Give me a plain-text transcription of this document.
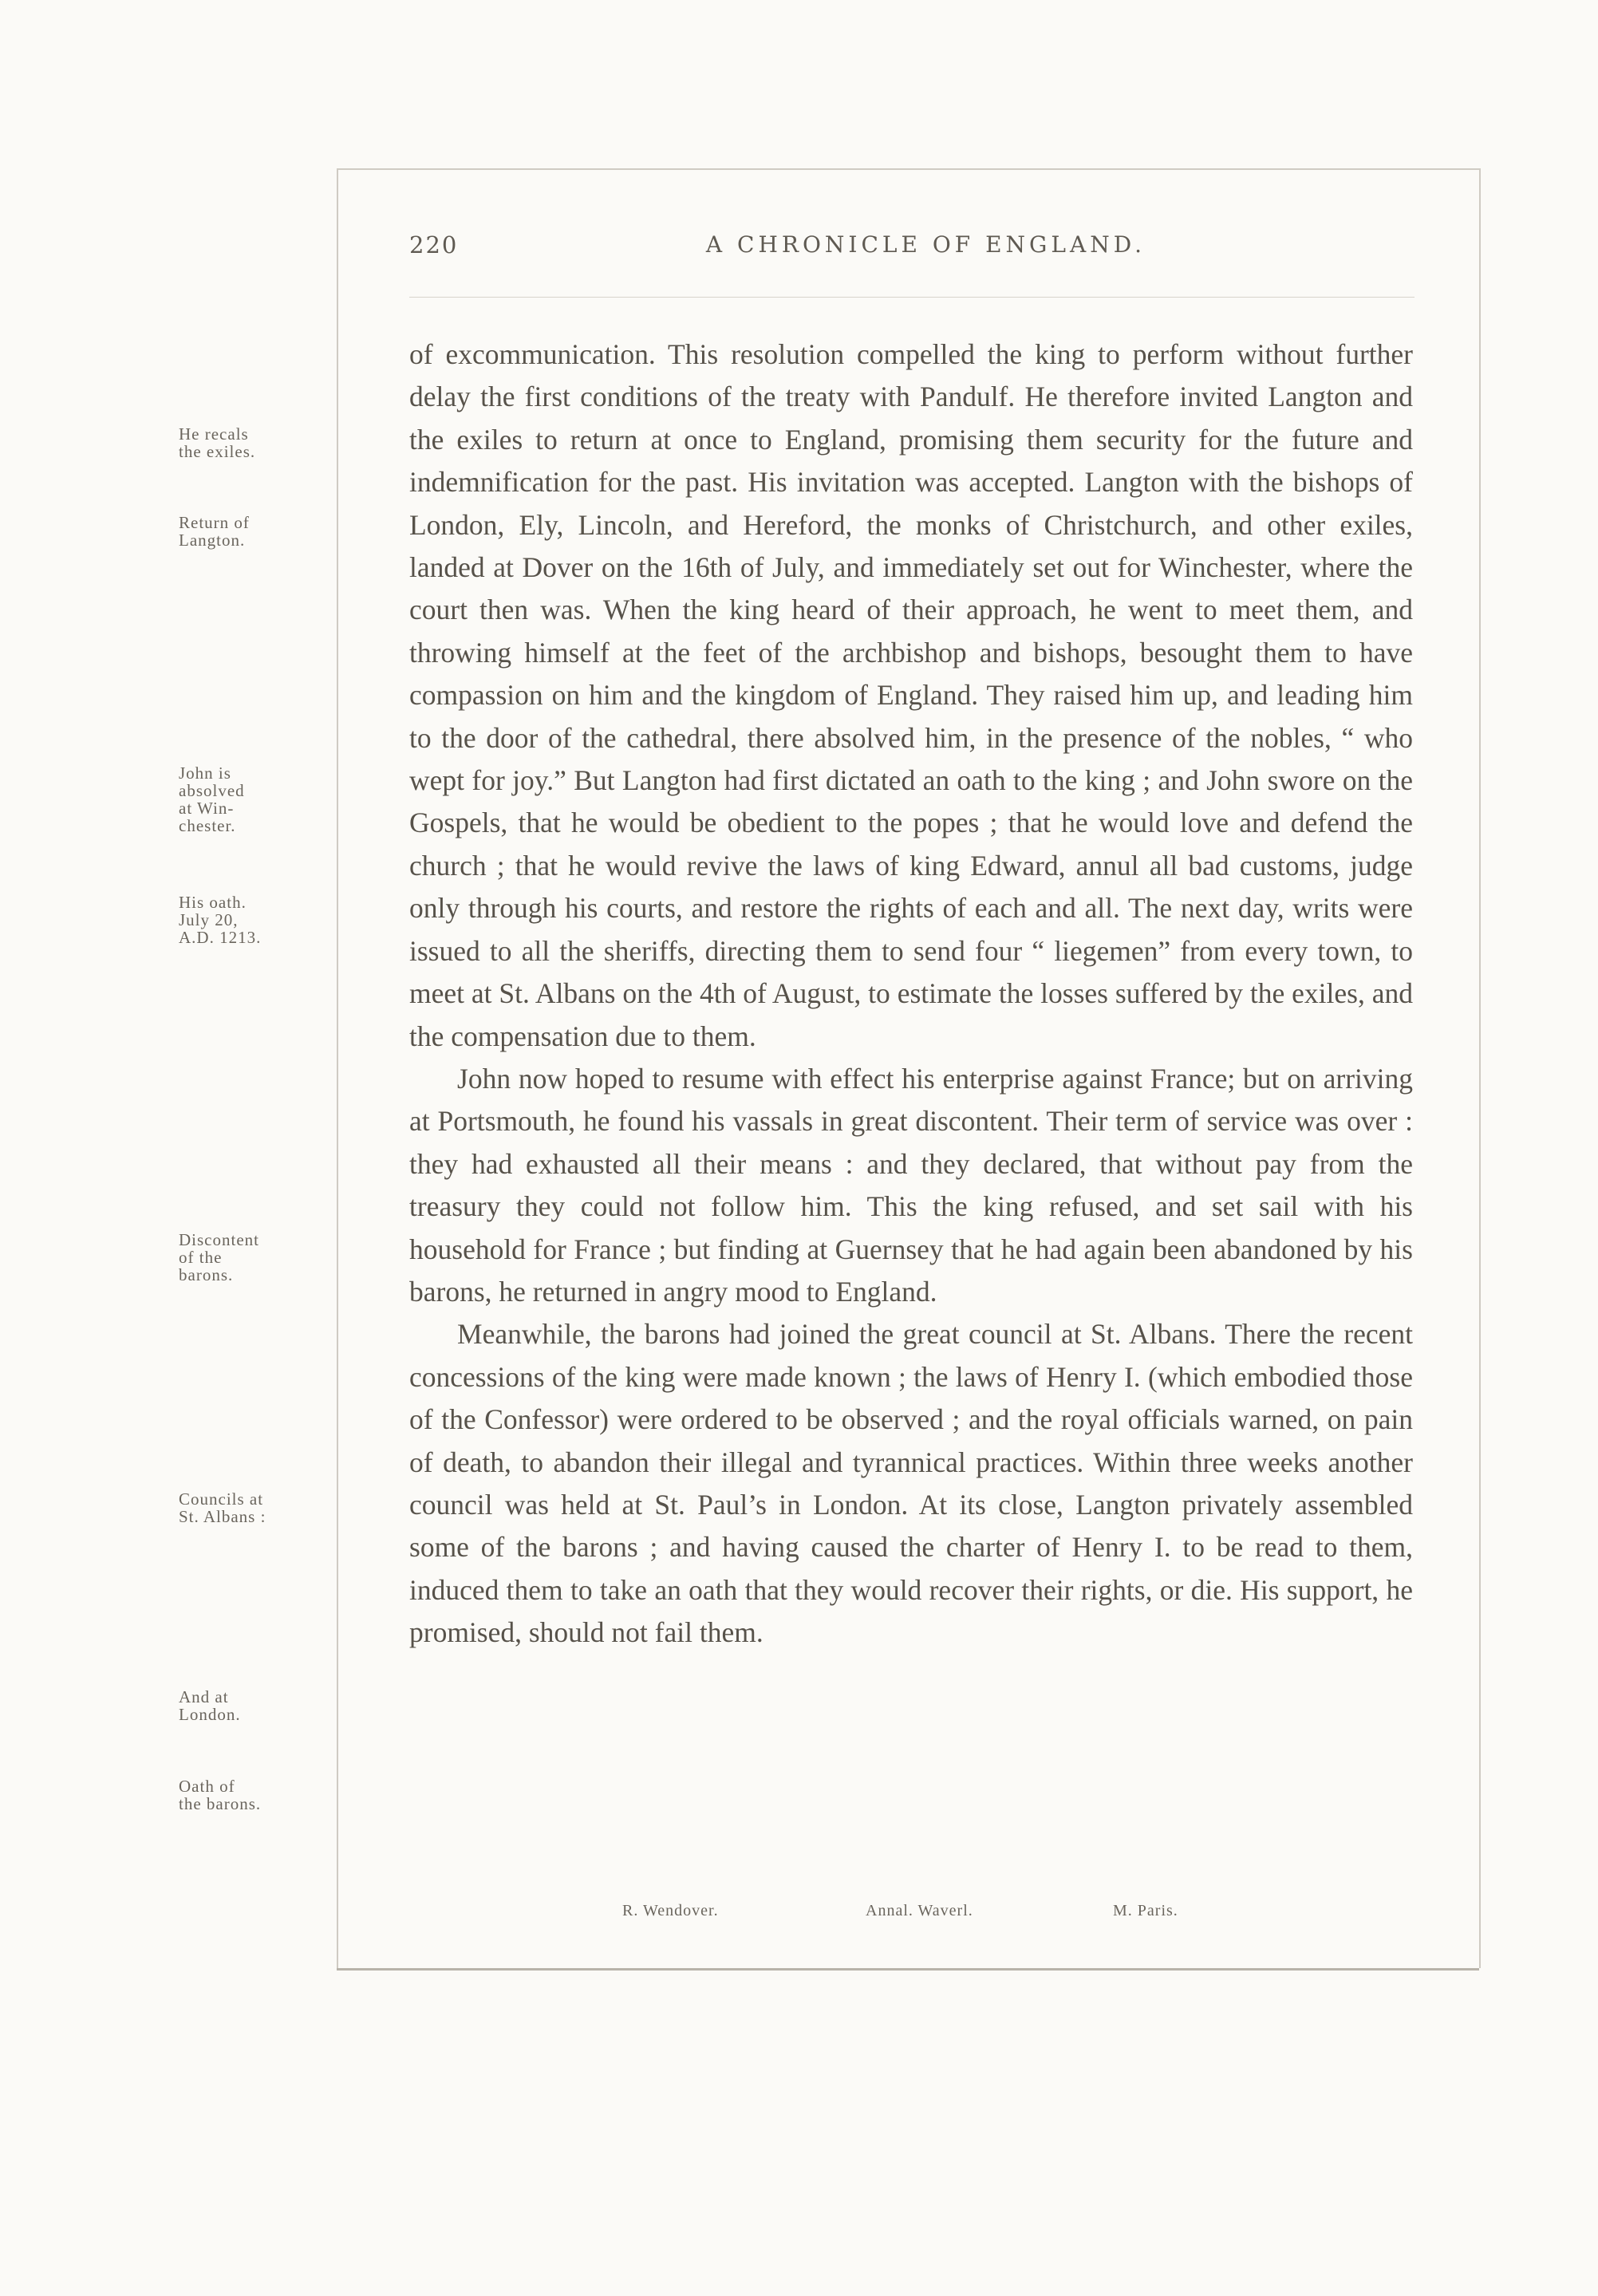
220	A CHRONICLE OF ENGLAND.
He recals
the exiles.
Return of
Langton.
John is
absolved
at Win-
chester.
His oath.
July 20,
A.D. 1213.
Discontent
of the
barons.
Councils at
St. Albans :
And at
London.
Oath of
the barons.

of excommunication. This resolution compelled the king to perform without further delay the first conditions of the treaty with Pandulf. He therefore invited Langton and the exiles to return at once to England, promising them security for the future and indemnification for the past. His invitation was accepted. Langton with the bishops of London, Ely, Lincoln, and Hereford, the monks of Christchurch, and other exiles, landed at Dover on the 16th of July, and immediately set out for Winchester, where the court then was. When the king heard of their approach, he went to meet them, and throwing himself at the feet of the archbishop and bishops, besought them to have compassion on him and the kingdom of England. They raised him up, and leading him to the door of the cathedral, there absolved him, in the presence of the nobles, “ who wept for joy.” But Langton had first dictated an oath to the king ; and John swore on the Gospels, that he would be obedient to the popes ; that he would love and defend the church ; that he would revive the laws of king Edward, annul all bad customs, judge only through his courts, and restore the rights of each and all. The next day, writs were issued to all the sheriffs, directing them to send four “ liegemen” from every town, to meet at St. Albans on the 4th of August, to estimate the losses suffered by the exiles, and the compensation due to them.

John now hoped to resume with effect his enterprise against France; but on arriving at Portsmouth, he found his vassals in great discontent. Their term of service was over : they had exhausted all their means : and they declared, that without pay from the treasury they could not follow him. This the king refused, and set sail with his household for France ; but finding at Guernsey that he had again been abandoned by his barons, he returned in angry mood to England.

Meanwhile, the barons had joined the great council at St. Albans. There the recent concessions of the king were made known ; the laws of Henry I. (which embodied those of the Confessor) were ordered to be observed ; and the royal officials warned, on pain of death, to abandon their illegal and tyrannical practices. Within three weeks another council was held at St. Paul’s in London. At its close, Langton privately assembled some of the barons ; and having caused the charter of Henry I. to be read to them, induced them to take an oath that they would recover their rights, or die. His support, he promised, should not fail them.

R. Wendover.	Annal. Waverl.	M. Paris.
